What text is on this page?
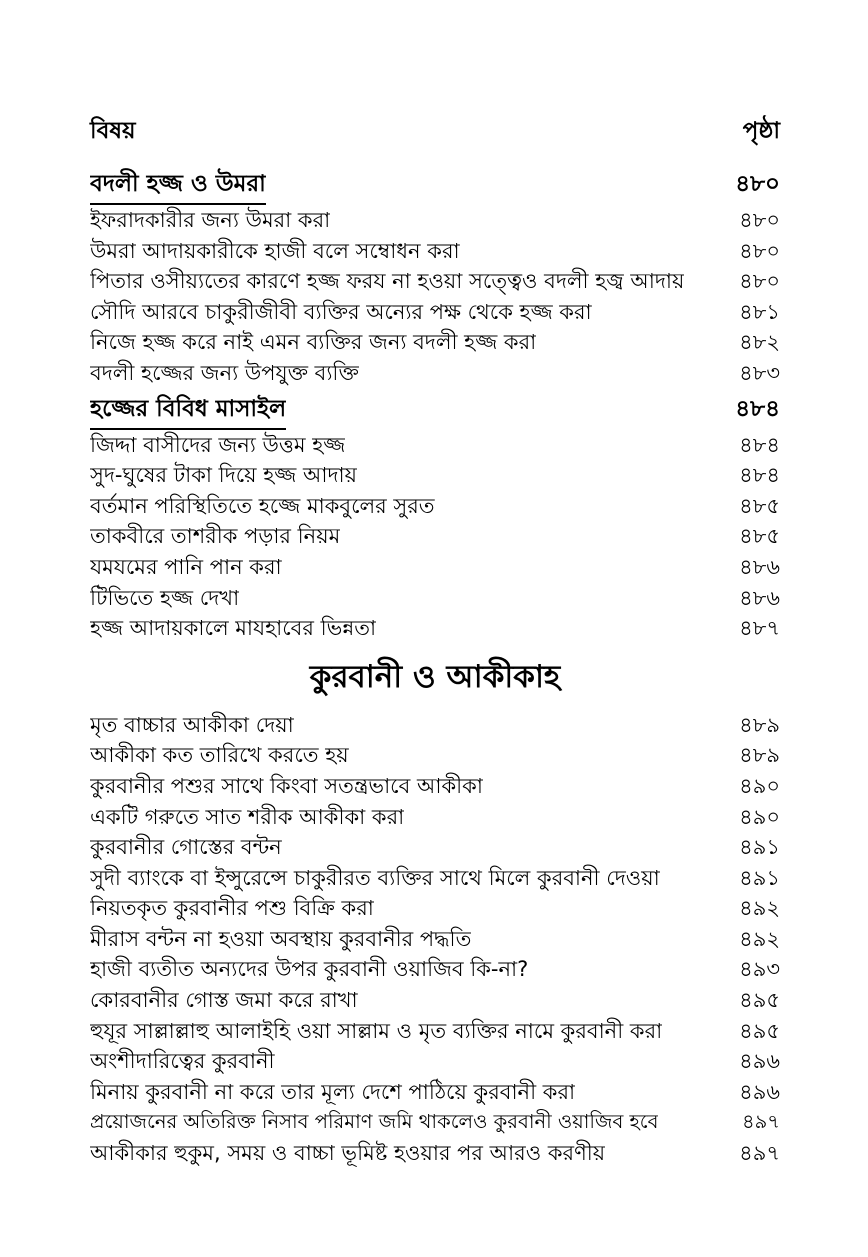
বিষয়	পৃষ্ঠা
বদলী হজ্জ ও উমরা	৪৮০
ইফরাদকারীর জন্য উমরা করা	৪৮০
উমরা আদায়কারীকে হাজী বলে সম্বোধন করা	৪৮০
পিতার ওসীয়্যতের কারণে হজ্জ ফরয না হওয়া সত্ত্বেও বদলী হজ্ব আদায়	৪৮০
সৌদি আরবে চাকুরীজীবী ব্যক্তির অন্যের পক্ষ থেকে হজ্জ করা	৪৮১
নিজে হজ্জ করে নাই এমন ব্যক্তির জন্য বদলী হজ্জ করা	৪৮২
বদলী হজ্জের জন্য উপযুক্ত ব্যক্তি	৪৮৩
হজ্জের বিবিধ মাসাইল	৪৮৪
জিদ্দা বাসীদের জন্য উত্তম হজ্জ	৪৮৪
সুদ-ঘুষের টাকা দিয়ে হজ্জ আদায়	৪৮৪
বর্তমান পরিস্থিতিতে হজ্জে মাকবুলের সুরত	৪৮৫
তাকবীরে তাশরীক পড়ার নিয়ম	৪৮৫
যমযমের পানি পান করা	৪৮৬
টিভিতে হজ্জ দেখা	৪৮৬
হজ্জ আদায়কালে মাযহাবের ভিন্নতা	৪৮৭
কুরবানী ও আকীকাহ
মৃত বাচ্চার আকীকা দেয়া	৪৮৯
আকীকা কত তারিখে করতে হয়	৪৮৯
কুরবানীর পশুর সাথে কিংবা সতন্ত্রভাবে আকীকা	৪৯০
একটি গরুতে সাত শরীক আকীকা করা	৪৯০
কুরবানীর গোস্তের বন্টন	৪৯১
সুদী ব্যাংকে বা ইন্সুরেন্সে চাকুরীরত ব্যক্তির সাথে মিলে কুরবানী দেওয়া	৪৯১
নিয়তকৃত কুরবানীর পশু বিক্রি করা	৪৯২
মীরাস বন্টন না হওয়া অবস্থায় কুরবানীর পদ্ধতি	৪৯২
হাজী ব্যতীত অন্যদের উপর কুরবানী ওয়াজিব কি-না?	৪৯৩
কোরবানীর গোস্ত জমা করে রাখা	৪৯৫
হুযূর সাল্লাল্লাহু আলাইহি ওয়া সাল্লাম ও মৃত ব্যক্তির নামে কুরবানী করা	৪৯৫
অংশীদারিত্বের কুরবানী	৪৯৬
মিনায় কুরবানী না করে তার মূল্য দেশে পাঠিয়ে কুরবানী করা	৪৯৬
প্রয়োজনের অতিরিক্ত নিসাব পরিমাণ জমি থাকলেও কুরবানী ওয়াজিব হবে	৪৯৭
আকীকার হুকুম, সময় ও বাচ্চা ভূমিষ্ট হওয়ার পর আরও করণীয়	৪৯৭
